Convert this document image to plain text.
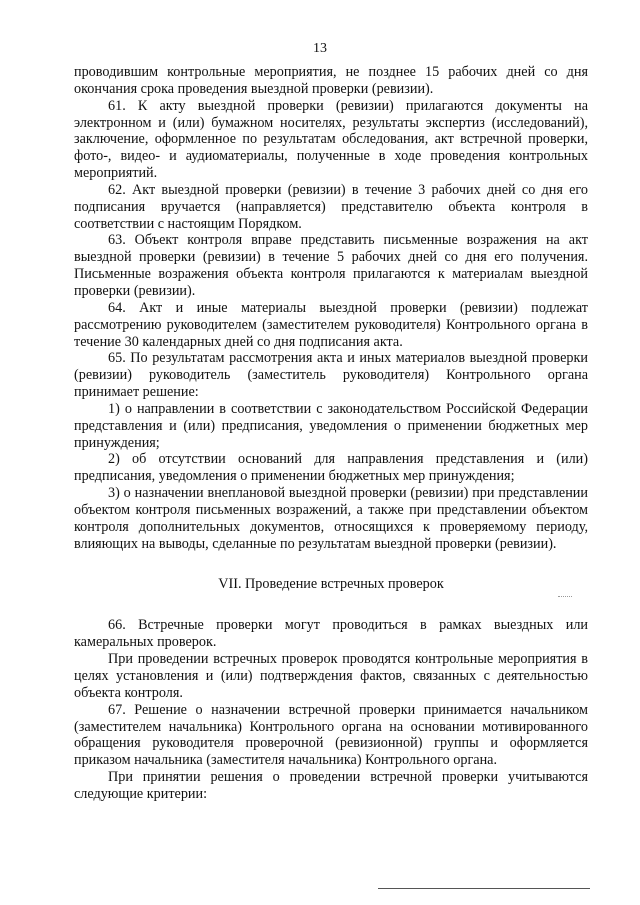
13

проводившим контрольные мероприятия, не позднее 15 рабочих дней со дня окончания срока проведения выездной проверки (ревизии).

61. К акту выездной проверки (ревизии) прилагаются документы на электронном и (или) бумажном носителях, результаты экспертиз (исследований), заключение, оформленное по результатам обследования, акт встречной проверки, фото-, видео- и аудиоматериалы, полученные в ходе проведения контрольных мероприятий.

62. Акт выездной проверки (ревизии) в течение 3 рабочих дней со дня его подписания вручается (направляется) представителю объекта контроля в соответствии с настоящим Порядком.

63. Объект контроля вправе представить письменные возражения на акт выездной проверки (ревизии) в течение 5 рабочих дней со дня его получения. Письменные возражения объекта контроля прилагаются к материалам выездной проверки (ревизии).

64. Акт и иные материалы выездной проверки (ревизии) подлежат рассмотрению руководителем (заместителем руководителя) Контрольного органа в течение 30 календарных дней со дня подписания акта.

65. По результатам рассмотрения акта и иных материалов выездной проверки (ревизии) руководитель (заместитель руководителя) Контрольного органа принимает решение:

1) о направлении в соответствии с законодательством Российской Федерации представления и (или) предписания, уведомления о применении бюджетных мер принуждения;

2) об отсутствии оснований для направления представления и (или) предписания, уведомления о применении бюджетных мер принуждения;

3) о назначении внеплановой выездной проверки (ревизии) при представлении объектом контроля письменных возражений, а также при представлении объектом контроля дополнительных документов, относящихся к проверяемому периоду, влияющих на выводы, сделанные по результатам выездной проверки (ревизии).

VII. Проведение встречных проверок

66. Встречные проверки могут проводиться в рамках выездных или камеральных проверок.

При проведении встречных проверок проводятся контрольные мероприятия в целях установления и (или) подтверждения фактов, связанных с деятельностью объекта контроля.

67. Решение о назначении встречной проверки принимается начальником (заместителем начальника) Контрольного органа на основании мотивированного обращения руководителя проверочной (ревизионной) группы и оформляется приказом начальника (заместителя начальника) Контрольного органа.

При принятии решения о проведении встречной проверки учитываются следующие критерии:
